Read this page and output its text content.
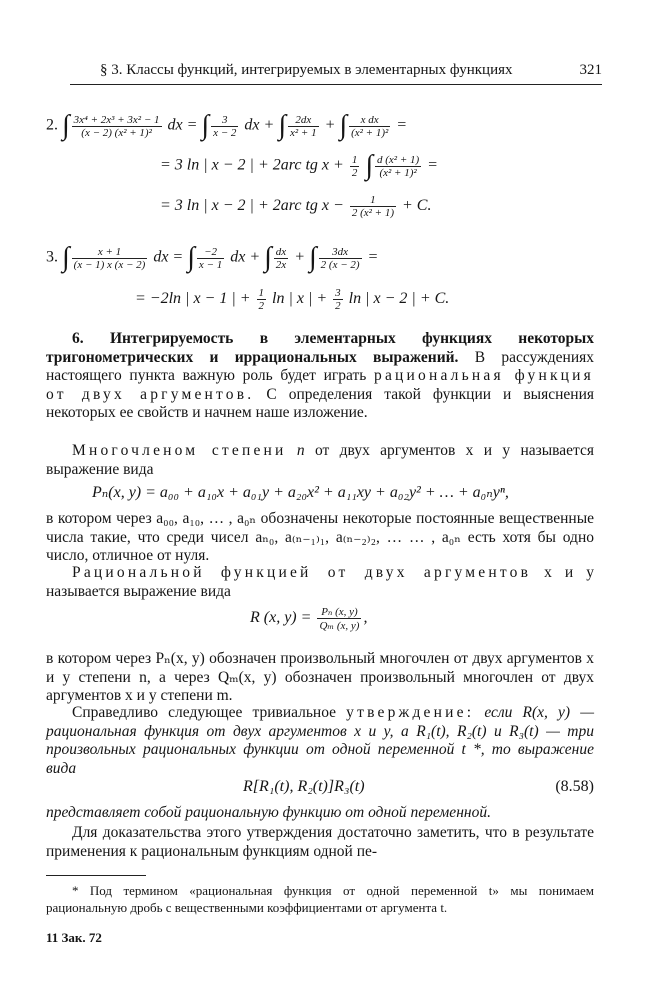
§ 3. Классы функций, интегрируемых в элементарных функциях	321
2. ∫ $\frac{\text{3x⁴ + 2x³ + 3x² − 1}}{\text{(x − 2) (x² + 1)²}}$ dx = ∫ $\frac{3}{x - 2}$ dx + ∫ $\frac{2dx}{\text{x² + 1}}$ + ∫ $\frac{\text{x dx}}{\text{(x² + 1)²}}$ =
= 3 ln | x − 2 | + 2arc tg $x + \frac{1}{2}$ ∫ $\frac{\text{d (x² + 1)}}{\text{(x² + 1)²}}$ =
= 3 ln | x − 2 | + 2arc tg $x - \frac{1}{\text{2 (x² + 1)}} + C$.
3. ∫ $\frac{x + 1}{(x - 1) x (x - 2)}$ dx = ∫ $\frac{-2}{x - 1}$ dx + ∫ $\frac{dx}{2x}$ + ∫ $\frac{3dx}{2 (x - 2)}$ =
= −2ln | x − 1 | + $\frac{1}{2}$ ln | x | + $\frac{3}{2}$ ln | x − 2 | + C.
6. Интегрируемость в элементарных функциях некоторых тригонометрических и иррациональных выражений. В рассуждениях настоящего пункта важную роль будет играть рациональная функция от двух аргументов. С определения такой функции и выяснения некоторых ее свойств и начнем наше изложение.
Многочленом степени n от двух аргументов x и y называется выражение вида
Pₙ(x, y) = a₀₀ + a₁₀x + a₀₁y + a₂₀x² + a₁₁xy + a₀₂y² + … + a₀ₙyⁿ,
в котором через a₀₀, a₁₀, … , a₀ₙ обозначены некоторые постоянные вещественные числа такие, что среди чисел aₙ₀, a₍ₙ₋₁₎₁, a₍ₙ₋₂₎₂, … … , a₀ₙ есть хотя бы одно число, отличное от нуля.
Рациональной функцией от двух аргументов x и y называется выражение вида
R (x, $y) = \frac{\text{Pₙ (x, y)}}{\text{Qₘ (x, y)}}$ ,
в котором через Pₙ(x, y) обозначен произвольный многочлен от двух аргументов x и y степени n, а через Qₘ(x, y) обозначен произвольный многочлен от двух аргументов x и y степени m.
Справедливо следующее тривиальное утверждение: если R(x, y) — рациональная функция от двух аргументов x и y, а R₁(t), R₂(t) и R₃(t) — три произвольных рациональных функции от одной переменной t *, то выражение вида
R[R₁(t), R₂(t)]R₃(t)	(8.58)
представляет собой рациональную функцию от одной переменной.
Для доказательства этого утверждения достаточно заметить, что в результате применения к рациональным функциям одной пе-
* Под термином «рациональная функция от одной переменной t» мы понимаем рациональную дробь с вещественными коэффициентами от аргумента t.
11 Зак. 72
